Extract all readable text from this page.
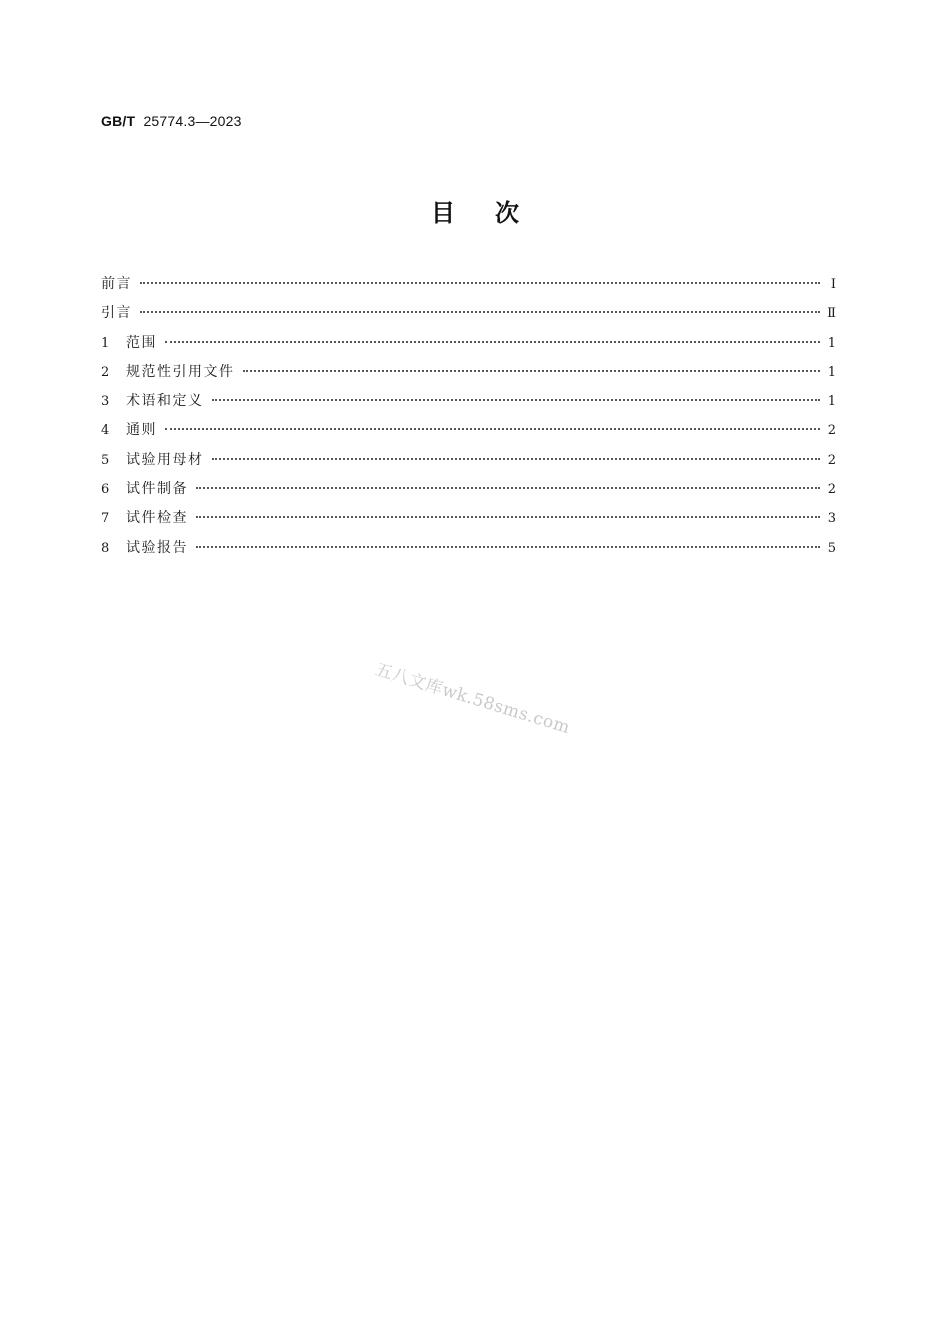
GB/T 25774.3—2023
目次
前言	Ⅰ
引言	Ⅱ
1	范围	1
2	规范性引用文件	1
3	术语和定义	1
4	通则	2
5	试验用母材	2
6	试件制备	2
7	试件检查	3
8	试验报告	5
五八文库wk.58sms.com
